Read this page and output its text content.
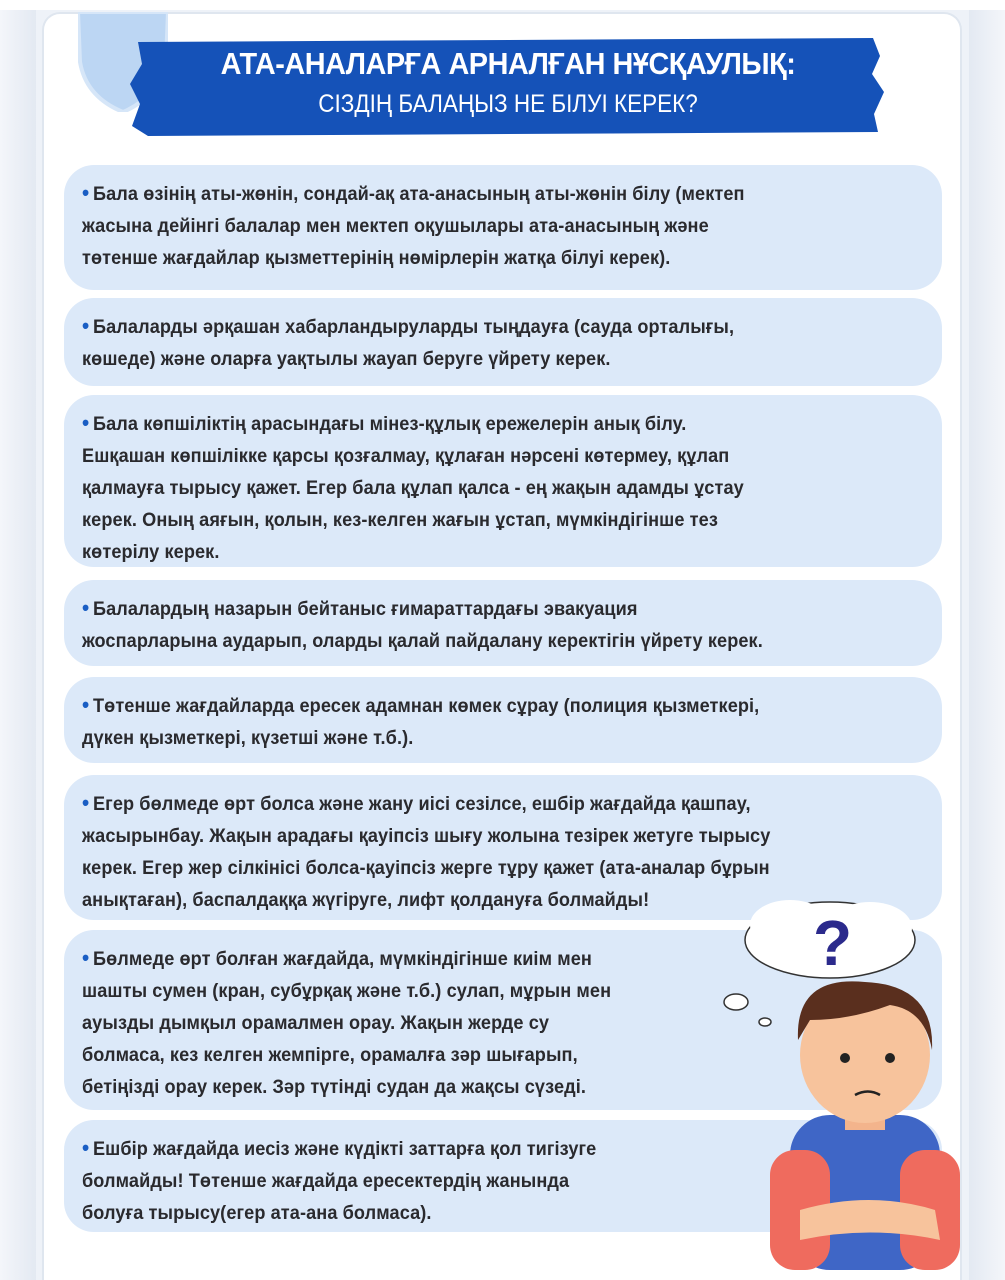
АТА-АНАЛАРҒА АРНАЛҒАН НҰСҚАУЛЫҚ:
СІЗДІҢ БАЛАҢЫЗ НЕ БІЛУІ КЕРЕК?
• Бала өзінің аты-жөнін, сондай-ақ ата-анасының аты-жөнін білу (мектеп
жасына дейінгі балалар мен мектеп оқушылары ата-анасының және
төтенше жағдайлар қызметтерінің нөмірлерін жатқа білуі керек).
• Балаларды әрқашан хабарландыруларды тыңдауға (сауда орталығы,
көшеде) және оларға уақтылы жауап беруге үйрету керек.
• Бала көпшіліктің арасындағы мінез-құлық ережелерін анық білу.
Ешқашан көпшілікке қарсы қозғалмау, құлаған нәрсені көтермеу, құлап
қалмауға тырысу қажет. Егер бала құлап қалса - ең жақын адамды ұстау
керек. Оның аяғын, қолын, кез-келген жағын ұстап, мүмкіндігінше тез
көтерілу керек.
• Балалардың назарын бейтаныс ғимараттардағы эвакуация
жоспарларына аударып, оларды қалай пайдалану керектігін үйрету керек.
• Төтенше жағдайларда ересек адамнан көмек сұрау (полиция қызметкері,
дүкен қызметкері, күзетші және т.б.).
• Егер бөлмеде өрт болса және жану иісі сезілсе, ешбір жағдайда қашпау,
жасырынбау. Жақын арадағы қауіпсіз шығу жолына тезірек жетуге тырысу
керек. Егер жер сілкінісі болса-қауіпсіз жерге тұру қажет (ата-аналар бұрын
анықтаған), баспалдаққа жүгіруге, лифт қолдануға болмайды!
• Бөлмеде өрт болған жағдайда, мүмкіндігінше киім мен
шашты сумен (кран, субұрқақ және т.б.) сулап, мұрын мен
ауызды дымқыл орамалмен орау. Жақын жерде су
болмаса, кез келген жемпірге, орамалға зәр шығарып,
бетіңізді орау керек. Зәр түтінді судан да жақсы сүзеді.
• Ешбір жағдайда иесіз және күдікті заттарға қол тигізуге
болмайды! Төтенше жағдайда ересектердің жанында
болуға тырысу(егер ата-ана болмаса).
?
